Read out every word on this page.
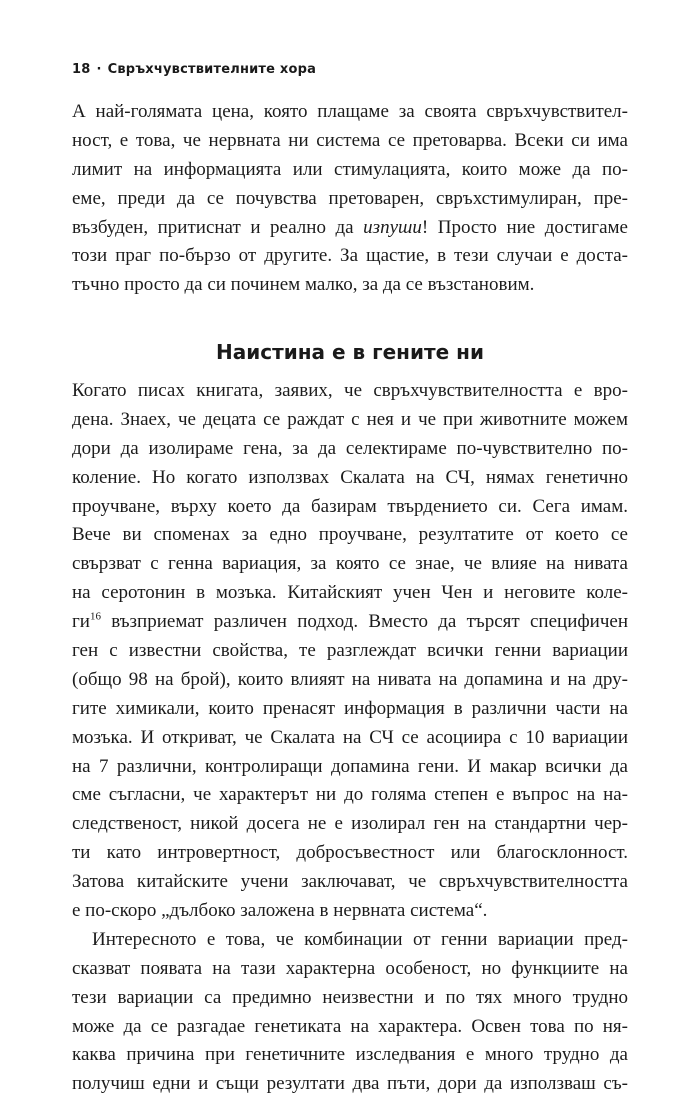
18 · Свръхчувствителните хора
А най-голямата цена, която плащаме за своята свръхчувствител-
ност, е това, че нервната ни система се претоварва. Всеки си има
лимит на информацията или стимулацията, които може да по-
еме, преди да се почувства претоварен, свръхстимулиран, пре-
възбуден, притиснат и реално да изпуши! Просто ние достигаме
този праг по-бързо от другите. За щастие, в тези случаи е доста-
тъчно просто да си починем малко, за да се възстановим.
Наистина е в гените ни
Когато писах книгата, заявих, че свръхчувствителността е вро-
дена. Знаех, че децата се раждат с нея и че при животните можем
дори да изолираме гена, за да селектираме по-чувствително по-
коление. Но когато използвах Скалата на СЧ, нямах генетично
проучване, върху което да базирам твърдението си. Сега имам.
Вече ви споменах за едно проучване, резултатите от което се
свързват с генна вариация, за която се знае, че влияе на нивата
на серотонин в мозъка. Китайският учен Чен и неговите коле-
$ги^{16}$ възприемат различен подход. Вместо да търсят специфичен
ген с известни свойства, те разглеждат всички генни вариации
(общо 98 на брой), които влияят на нивата на допамина и на дру-
гите химикали, които пренасят информация в различни части на
мозъка. И откриват, че Скалата на СЧ се асоциира с 10 вариации
на 7 различни, контролиращи допамина гени. И макар всички да
сме съгласни, че характерът ни до голяма степен е въпрос на на-
следственост, никой досега не е изолирал ген на стандартни чер-
ти като интровертност, добросъвестност или благосклонност.
Затова китайските учени заключават, че свръхчувствителността
е по-скоро „дълбоко заложена в нервната система“.
Интересното е това, че комбинации от генни вариации пред-
сказват появата на тази характерна особеност, но функциите на
тези вариации са предимно неизвестни и по тях много трудно
може да се разгадае генетиката на характера. Освен това по ня-
каква причина при генетичните изследвания е много трудно да
получиш едни и същи резултати два пъти, дори да използваш съ-
